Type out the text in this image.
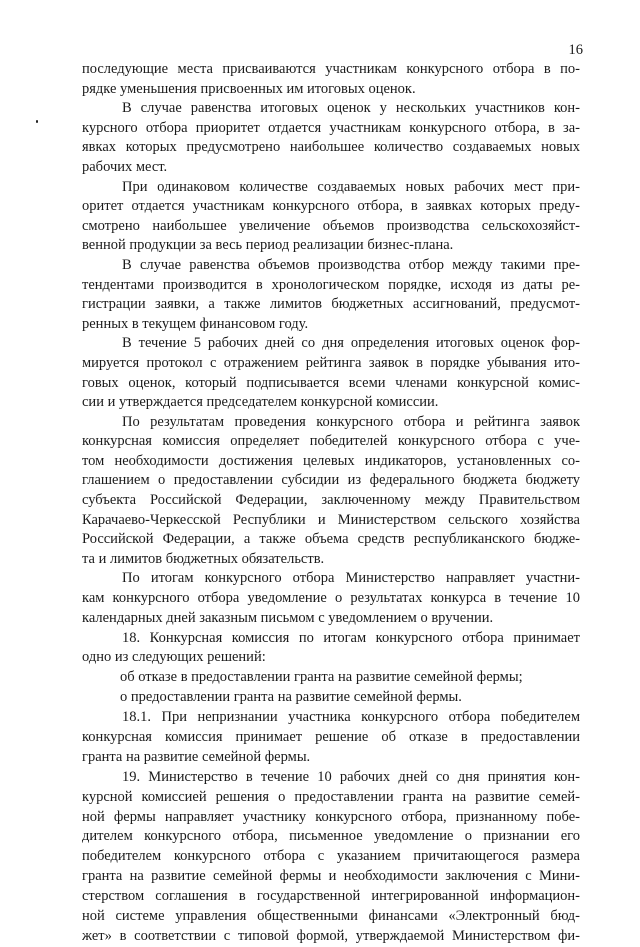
16
последующие места присваиваются участникам конкурсного отбора в по-
рядке уменьшения присвоенных им итоговых оценок.
В случае равенства итоговых оценок у нескольких участников кон-
курсного отбора приоритет отдается участникам конкурсного отбора, в за-
явках которых предусмотрено наибольшее количество создаваемых новых
рабочих мест.
При одинаковом количестве создаваемых новых рабочих мест при-
оритет отдается участникам конкурсного отбора, в заявках которых преду-
смотрено наибольшее увеличение объемов производства сельскохозяйст-
венной продукции за весь период реализации бизнес-плана.
В случае равенства объемов производства отбор между такими пре-
тендентами производится в хронологическом порядке, исходя из даты ре-
гистрации заявки, а также лимитов бюджетных ассигнований, предусмот-
ренных в текущем финансовом году.
В течение 5 рабочих дней со дня определения итоговых оценок фор-
мируется протокол с отражением рейтинга заявок в порядке убывания ито-
говых оценок, который подписывается всеми членами конкурсной комис-
сии и утверждается председателем конкурсной комиссии.
По результатам проведения конкурсного отбора и рейтинга заявок
конкурсная комиссия определяет победителей конкурсного отбора с уче-
том необходимости достижения целевых индикаторов, установленных со-
глашением о предоставлении субсидии из федерального бюджета бюджету
субъекта Российской Федерации, заключенному между Правительством
Карачаево-Черкесской Республики и Министерством сельского хозяйства
Российской Федерации, а также объема средств республиканского бюдже-
та и лимитов бюджетных обязательств.
По итогам конкурсного отбора Министерство направляет участни-
кам конкурсного отбора уведомление о результатах конкурса в течение 10
календарных дней заказным письмом с уведомлением о вручении.
18. Конкурсная комиссия по итогам конкурсного отбора принимает
одно из следующих решений:
об отказе в предоставлении гранта на развитие семейной фермы;
о предоставлении гранта на развитие семейной фермы.
18.1. При непризнании участника конкурсного отбора победителем
конкурсная комиссия принимает решение об отказе в предоставлении
гранта на развитие семейной фермы.
19. Министерство в течение 10 рабочих дней со дня принятия кон-
курсной комиссией решения о предоставлении гранта на развитие семей-
ной фермы направляет участнику конкурсного отбора, признанному побе-
дителем конкурсного отбора, письменное уведомление о признании его
победителем конкурсного отбора с указанием причитающегося размера
гранта на развитие семейной фермы и необходимости заключения с Мини-
стерством соглашения в государственной интегрированной информацион-
ной системе управления общественными финансами «Электронный бюд-
жет» в соответствии с типовой формой, утверждаемой Министерством фи-
